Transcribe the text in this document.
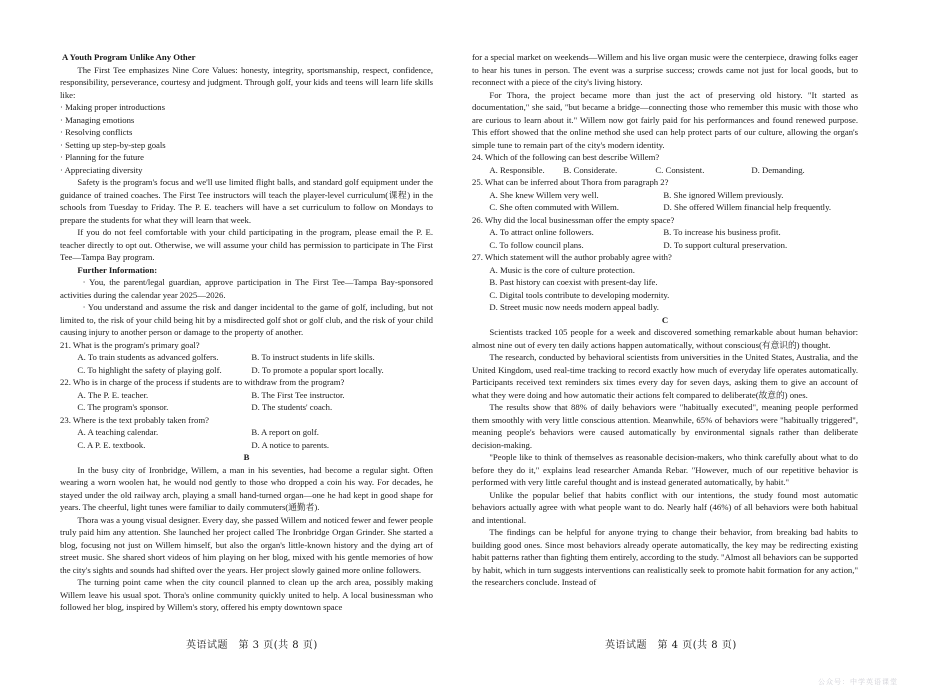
A Youth Program Unlike Any Other

The First Tee emphasizes Nine Core Values: honesty, integrity, sportsmanship, respect, confidence, responsibility, perseverance, courtesy and judgment. Through golf, your kids and teens will learn life skills like:

· Making proper introductions

· Managing emotions

· Resolving conflicts

· Setting up step-by-step goals

· Planning for the future

· Appreciating diversity

Safety is the program's focus and we'll use limited flight balls, and standard golf equipment under the guidance of trained coaches. The First Tee instructors will teach the player-level curriculum(课程) in the schools from Tuesday to Friday. The P. E. teachers will have a set curriculum to follow on Mondays to prepare the students for what they will learn that week.

If you do not feel comfortable with your child participating in the program, please email the P. E. teacher directly to opt out. Otherwise, we will assume your child has permission to participate in The First Tee—Tampa Bay program.

Further Information:

· You, the parent/legal guardian, approve participation in The First Tee—Tampa Bay-sponsored activities during the calendar year 2025—2026.

· You understand and assume the risk and danger incidental to the game of golf, including, but not limited to, the risk of your child being hit by a misdirected golf shot or golf club, and the risk of your child causing injury to another person or damage to the property of another.

21. What is the program's primary goal?

A. To train students as advanced golfers.	B. To instruct students in life skills.
C. To highlight the safety of playing golf.	D. To promote a popular sport locally.

22. Who is in charge of the process if students are to withdraw from the program?

A. The P. E. teacher.	B. The First Tee instructor.
C. The program's sponsor.	D. The students' coach.

23. Where is the text probably taken from?

A. A teaching calendar.	B. A report on golf.
C. A P. E. textbook.	D. A notice to parents.

B

In the busy city of Ironbridge, Willem, a man in his seventies, had become a regular sight. Often wearing a worn woolen hat, he would nod gently to those who dropped a coin his way. For decades, he stayed under the old railway arch, playing a small hand-turned organ—one he had kept in good shape for years. The cheerful, light tunes were familiar to daily commuters(通勤者).

Thora was a young visual designer. Every day, she passed Willem and noticed fewer and fewer people truly paid him any attention. She launched her project called The Ironbridge Organ Grinder. She started a blog, focusing not just on Willem himself, but also the organ's little-known history and the dying art of street music. She shared short videos of him playing on her blog, mixed with his gentle memories of how the city's sights and sounds had shifted over the years. Her project slowly gained more online followers.

The turning point came when the city council planned to clean up the arch area, possibly making Willem leave his usual spot. Thora's online community quickly united to help. A local businessman who followed her blog, inspired by Willem's story, offered his empty downtown space

for a special market on weekends—Willem and his live organ music were the centerpiece, drawing folks eager to hear his tunes in person. The event was a surprise success; crowds came not just for local goods, but to reconnect with a piece of the city's living history.

For Thora, the project became more than just the act of preserving old history. "It started as documentation," she said, "but became a bridge—connecting those who remember this music with those who are curious to learn about it." Willem now got fairly paid for his performances and found renewed purpose. This effort showed that the online method she used can help protect parts of our culture, allowing the organ's simple tune to remain part of the city's modern identity.

24. Which of the following can best describe Willem?

A. Responsible.	B. Considerate.	C. Consistent.	D. Demanding.

25. What can be inferred about Thora from paragraph 2?

A. She knew Willem very well.	B. She ignored Willem previously.
C. She often commuted with Willem.	D. She offered Willem financial help frequently.

26. Why did the local businessman offer the empty space?

A. To attract online followers.	B. To increase his business profit.
C. To follow council plans.	D. To support cultural preservation.

27. Which statement will the author probably agree with?

A. Music is the core of culture protection.
B. Past history can coexist with present-day life.
C. Digital tools contribute to developing modernity.
D. Street music now needs modern appeal badly.

C

Scientists tracked 105 people for a week and discovered something remarkable about human behavior: almost nine out of every ten daily actions happen automatically, without conscious(有意识的) thought.

The research, conducted by behavioral scientists from universities in the United States, Australia, and the United Kingdom, used real-time tracking to record exactly how much of everyday life operates automatically. Participants received text reminders six times every day for seven days, asking them to give an account of what they were doing and how automatic their actions felt compared to deliberate(故意的) ones.

The results show that 88% of daily behaviors were "habitually executed", meaning people performed them smoothly with very little conscious attention. Meanwhile, 65% of behaviors were "habitually triggered", meaning people's behaviors were caused automatically by environmental signals rather than deliberate decision-making.

"People like to think of themselves as reasonable decision-makers, who think carefully about what to do before they do it," explains lead researcher Amanda Rebar. "However, much of our repetitive behavior is performed with very little careful thought and is instead generated automatically, by habit."

Unlike the popular belief that habits conflict with our intentions, the study found most automatic behaviors actually agree with what people want to do. Nearly half (46%) of all behaviors were both habitual and intentional.

The findings can be helpful for anyone trying to change their behavior, from breaking bad habits to building good ones. Since most behaviors already operate automatically, the key may be redirecting existing habit patterns rather than fighting them entirely, according to the study. "Almost all behaviors can be supported by habit, which in turn suggests interventions can realistically seek to promote habit formation for any action," the researchers conclude. Instead of

英语试题　第 3 页(共 8 页)	英语试题　第 4 页(共 8 页)
公众号：中学英语课堂
